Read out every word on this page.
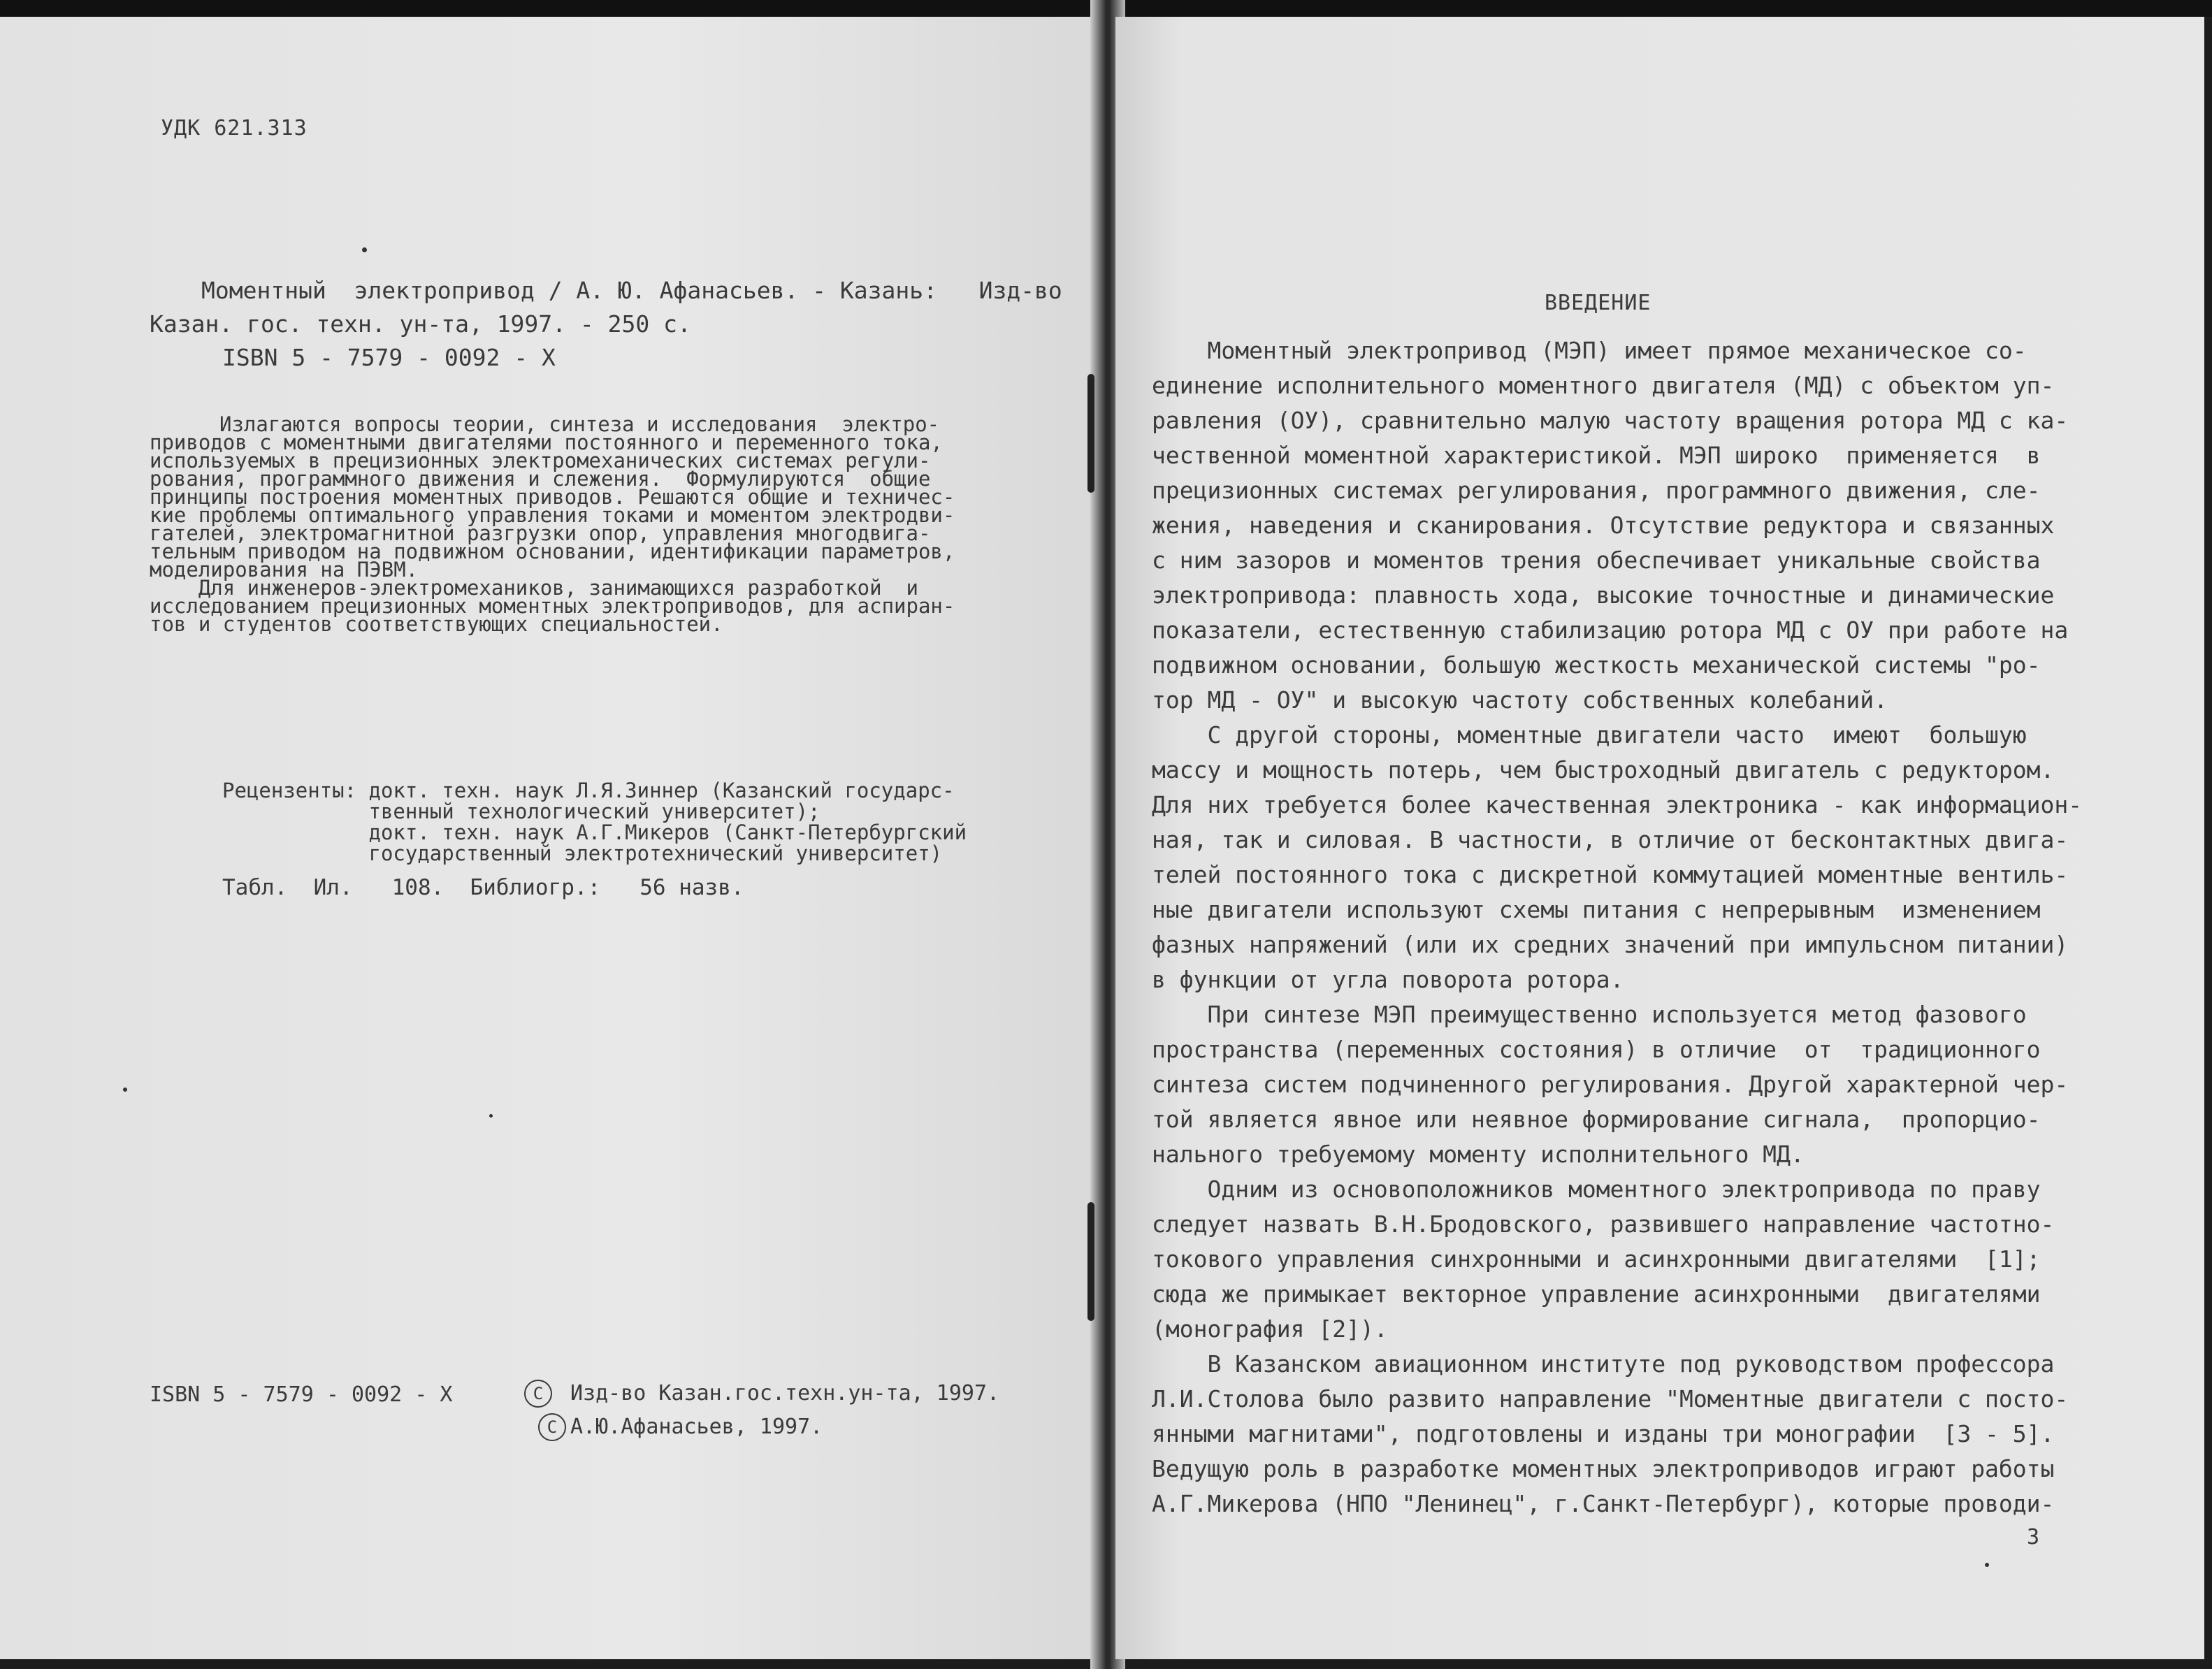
УДК 621.313
Моментный  электропривод / А. Ю. Афанасьев. - Казань:   Изд-во
Казан. гос. техн. ун-та, 1997. - 250 с.
ISBN 5 - 7579 - 0092 - X
Излагаются вопросы теории, синтеза и исследования  электро-
приводов с моментными двигателями постоянного и переменного тока,
используемых в прецизионных электромеханических системах регули-
рования, программного движения и слежения.  Формулируются  общие
принципы построения моментных приводов. Решаются общие и техничес-
кие проблемы оптимального управления токами и моментом электродви-
гателей, электромагнитной разгрузки опор, управления многодвига-
тельным приводом на подвижном основании, идентификации параметров,
моделирования на ПЭВМ.
Для инженеров-электромехаников, занимающихся разработкой  и
исследованием прецизионных моментных электроприводов, для аспиран-
тов и студентов соответствующих специальностей.
Рецензенты: докт. техн. наук Л.Я.Зиннер (Казанский государс-
твенный технологический университет);
докт. техн. наук А.Г.Микеров (Санкт-Петербургский
государственный электротехнический университет)
Табл.  Ил.   108.  Библиогр.:   56 назв.
ISBN 5 - 7579 - 0092 - X	С	Изд-во Казан.гос.техн.ун-та, 1997.
С А.Ю.Афанасьев, 1997.
ВВЕДЕНИЕ
Моментный электропривод (МЭП) имеет прямое механическое со-
единение исполнительного моментного двигателя (МД) с объектом уп-
равления (ОУ), сравнительно малую частоту вращения ротора МД с ка-
чественной моментной характеристикой. МЭП широко  применяется  в
прецизионных системах регулирования, программного движения, сле-
жения, наведения и сканирования. Отсутствие редуктора и связанных
с ним зазоров и моментов трения обеспечивает уникальные свойства
электропривода: плавность хода, высокие точностные и динамические
показатели, естественную стабилизацию ротора МД с ОУ при работе на
подвижном основании, большую жесткость механической системы "ро-
тор МД - ОУ" и высокую частоту собственных колебаний.
С другой стороны, моментные двигатели часто  имеют  большую
массу и мощность потерь, чем быстроходный двигатель с редуктором.
Для них требуется более качественная электроника - как информацион-
ная, так и силовая. В частности, в отличие от бесконтактных двига-
телей постоянного тока с дискретной коммутацией моментные вентиль-
ные двигатели используют схемы питания с непрерывным  изменением
фазных напряжений (или их средних значений при импульсном питании)
в функции от угла поворота ротора.
При синтезе МЭП преимущественно используется метод фазового
пространства (переменных состояния) в отличие  от  традиционного
синтеза систем подчиненного регулирования. Другой характерной чер-
той является явное или неявное формирование сигнала,  пропорцио-
нального требуемому моменту исполнительного МД.
Одним из основоположников моментного электропривода по праву
следует назвать В.Н.Бродовского, развившего направление частотно-
токового управления синхронными и асинхронными двигателями  [1];
сюда же примыкает векторное управление асинхронными  двигателями
(монография [2]).
В Казанском авиационном институте под руководством профессора
Л.И.Столова было развито направление "Моментные двигатели с посто-
янными магнитами", подготовлены и изданы три монографии  [3 - 5].
Ведущую роль в разработке моментных электроприводов играют работы
А.Г.Микерова (НПО "Ленинец", г.Санкт-Петербург), которые проводи-
3
